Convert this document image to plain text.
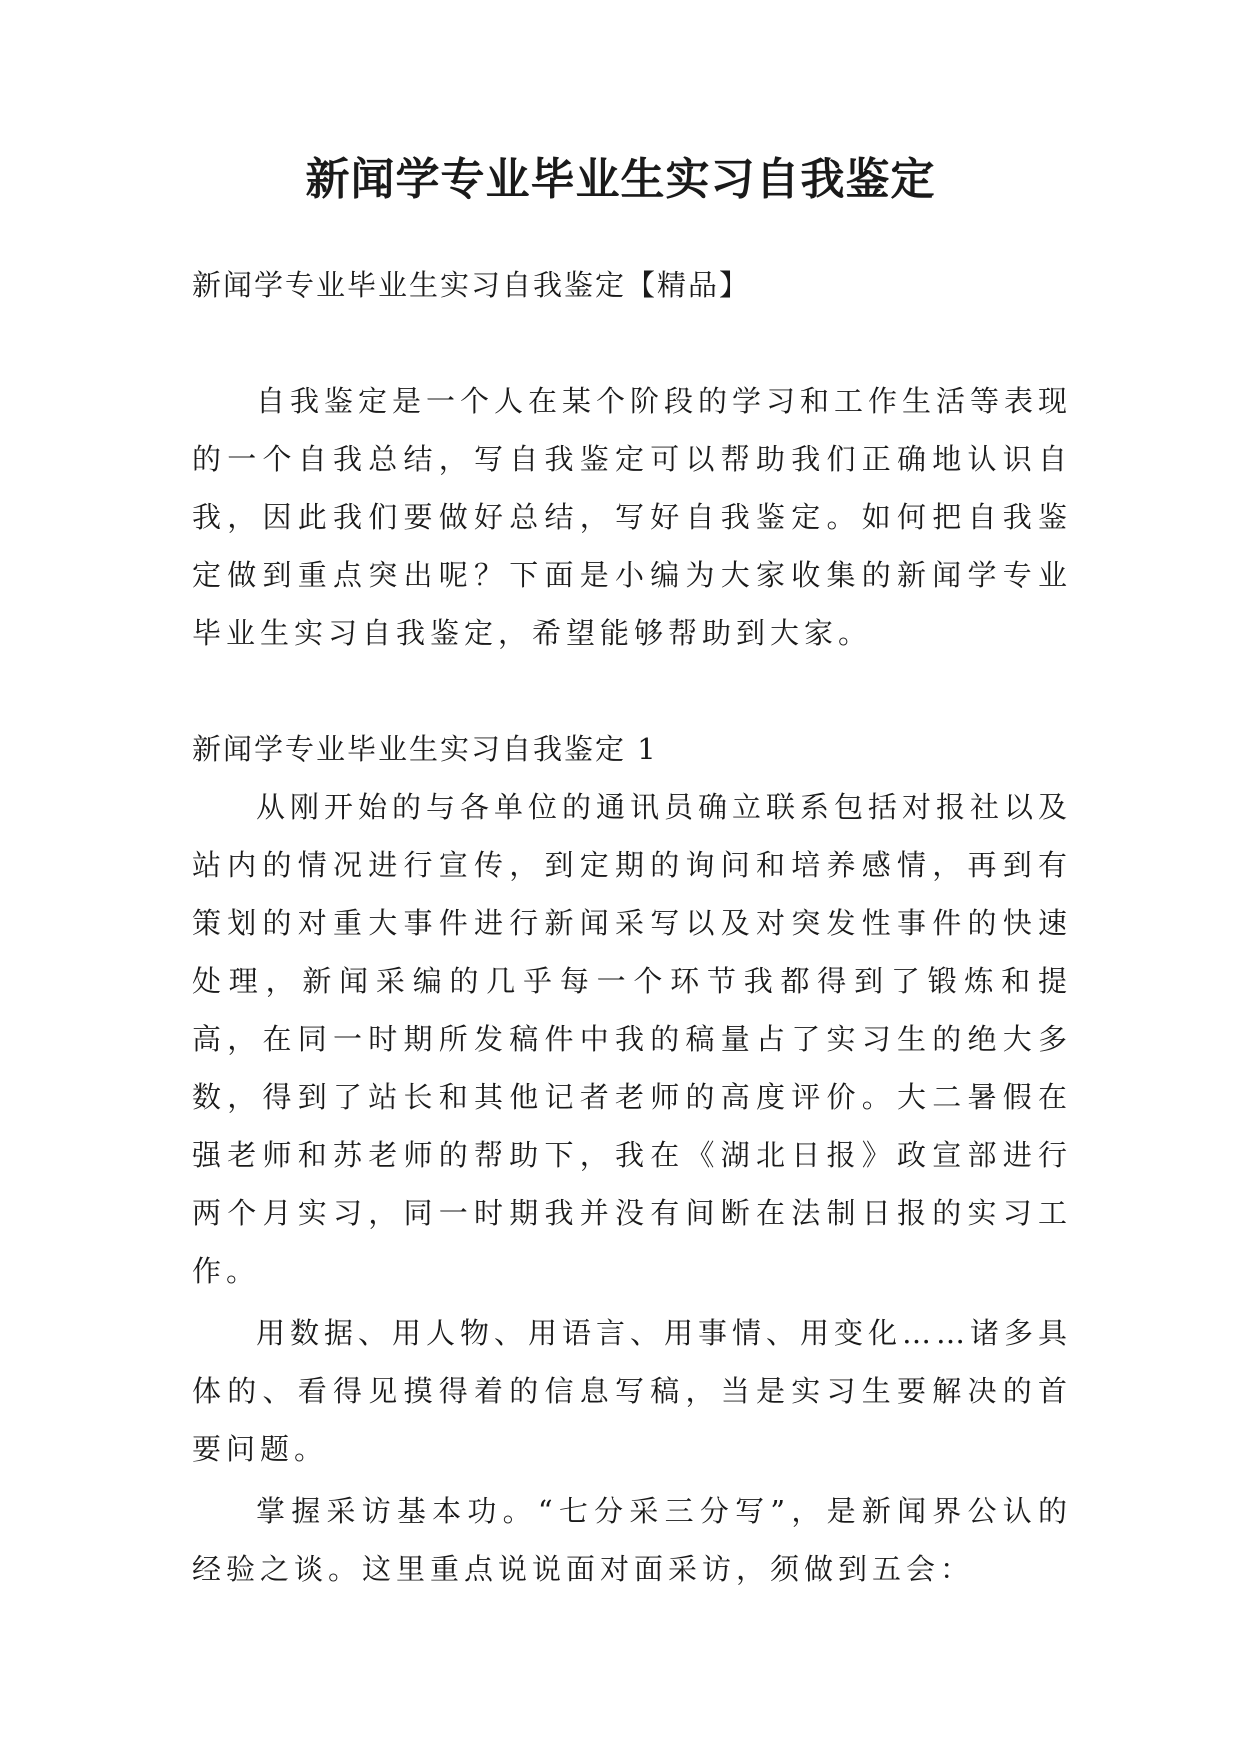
新闻学专业毕业生实习自我鉴定

新闻学专业毕业生实习自我鉴定【精品】

自我鉴定是一个人在某个阶段的学习和工作生活等表现的一个自我总结，写自我鉴定可以帮助我们正确地认识自我，因此我们要做好总结，写好自我鉴定。如何把自我鉴定做到重点突出呢？下面是小编为大家收集的新闻学专业毕业生实习自我鉴定，希望能够帮助到大家。

新闻学专业毕业生实习自我鉴定 1

从刚开始的与各单位的通讯员确立联系包括对报社以及站内的情况进行宣传，到定期的询问和培养感情，再到有策划的对重大事件进行新闻采写以及对突发性事件的快速处理，新闻采编的几乎每一个环节我都得到了锻炼和提高，在同一时期所发稿件中我的稿量占了实习生的绝大多数，得到了站长和其他记者老师的高度评价。大二暑假在强老师和苏老师的帮助下，我在《湖北日报》政宣部进行两个月实习，同一时期我并没有间断在法制日报的实习工作。

用数据、用人物、用语言、用事情、用变化……诸多具体的、看得见摸得着的信息写稿，当是实习生要解决的首要问题。

掌握采访基本功。“七分采三分写”，是新闻界公认的经验之谈。这里重点说说面对面采访，须做到五会：
